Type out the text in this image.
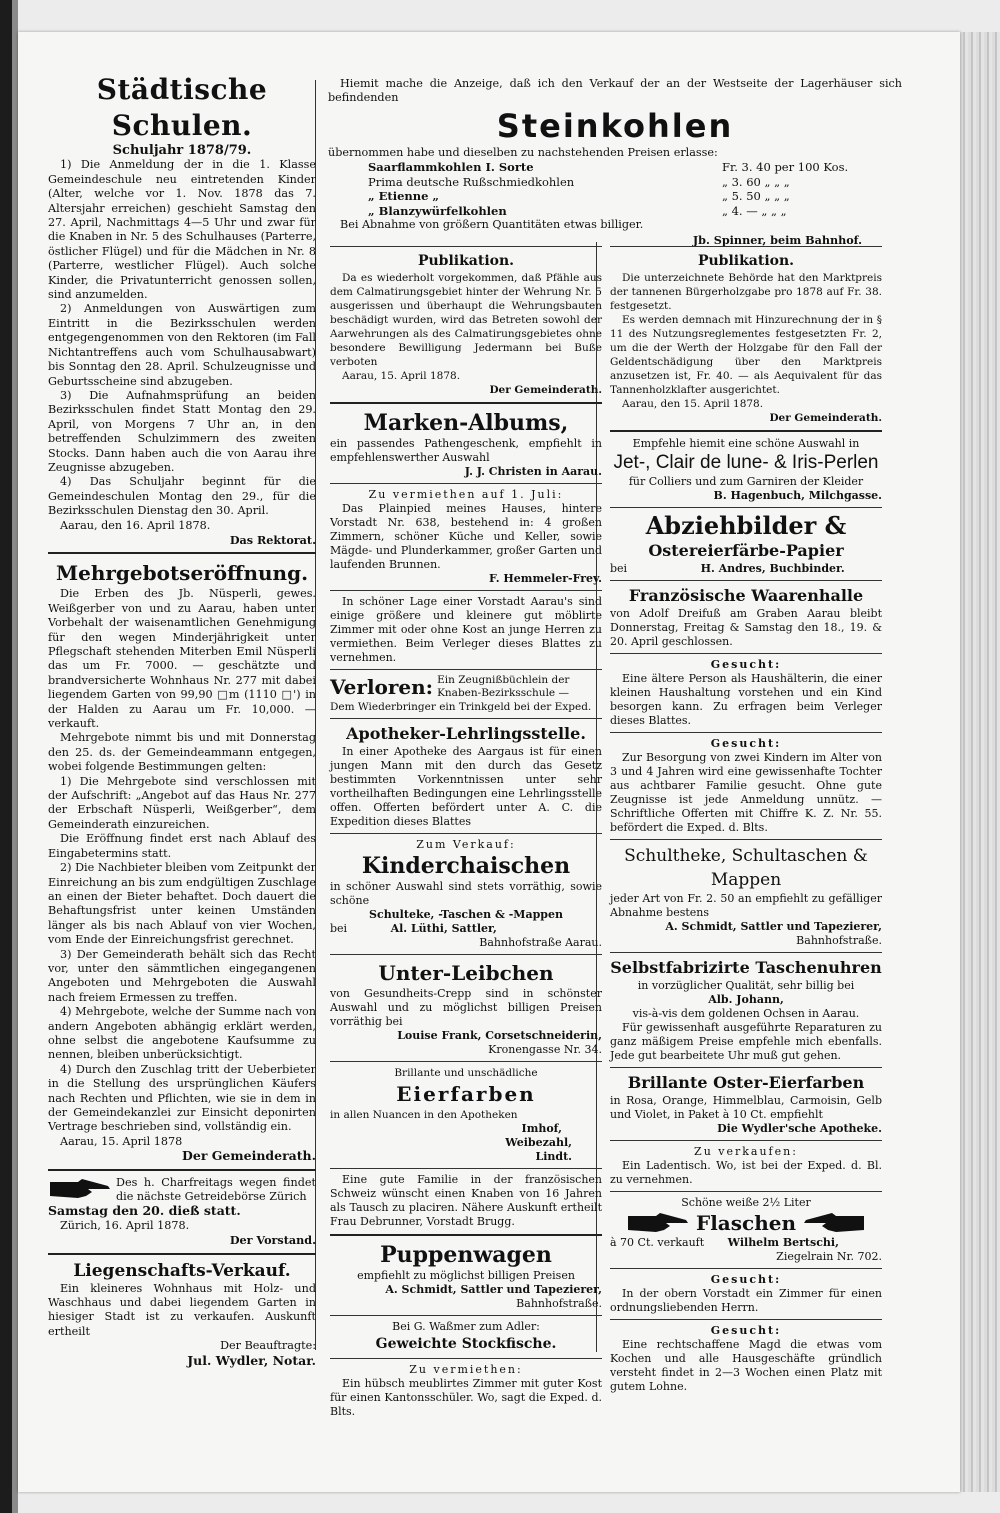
Städtische Schulen.
Schuljahr 1878/79.

1) Die Anmeldung der in die 1. Klasse Gemeindeschule neu eintretenden Kinder (Alter, welche vor 1. Nov. 1878 das 7. Altersjahr erreichen) geschieht Samstag den 27. April, Nachmittags 4—5 Uhr und zwar für die Knaben in Nr. 5 des Schulhauses (Parterre, östlicher Flügel) und für die Mädchen in Nr. 8 (Parterre, westlicher Flügel). Auch solche Kinder, die Privatunterricht genossen sollen, sind anzumelden.

2) Anmeldungen von Auswärtigen zum Eintritt in die Bezirksschulen werden entgegengenommen von den Rektoren (im Fall Nichtantreffens auch vom Schulhausabwart) bis Sonntag den 28. April. Schulzeugnisse und Geburtsscheine sind abzugeben.

3) Die Aufnahmsprüfung an beiden Bezirksschulen findet Statt Montag den 29. April, von Morgens 7 Uhr an, in den betreffenden Schulzimmern des zweiten Stocks. Dann haben auch die von Aarau ihre Zeugnisse abzugeben.

4) Das Schuljahr beginnt für die Gemeindeschulen Montag den 29., für die Bezirksschulen Dienstag den 30. April.

Aarau, den 16. April 1878.

Das Rektorat.

Mehrgebotseröffnung.

Die Erben des Jb. Nüsperli, gewes. Weißgerber von und zu Aarau, haben unter Vorbehalt der waisenamtlichen Genehmigung für den wegen Minderjährigkeit unter Pflegschaft stehenden Miterben Emil Nüsperli das um Fr. 7000. — geschätzte und brandversicherte Wohnhaus Nr. 277 mit dabei liegendem Garten von 99,90 □m (1110 □') in der Halden zu Aarau um Fr. 10,000. — verkauft.

Mehrgebote nimmt bis und mit Donnerstag den 25. ds. der Gemeindeammann entgegen, wobei folgende Bestimmungen gelten:

1) Die Mehrgebote sind verschlossen mit der Aufschrift: „Angebot auf das Haus Nr. 277 der Erbschaft Nüsperli, Weißgerber“, dem Gemeinderath einzureichen.

Die Eröffnung findet erst nach Ablauf des Eingabetermins statt.

2) Die Nachbieter bleiben vom Zeitpunkt der Einreichung an bis zum endgültigen Zuschlage an einen der Bieter behaftet. Doch dauert die Behaftungsfrist unter keinen Umständen länger als bis nach Ablauf von vier Wochen, vom Ende der Einreichungsfrist gerechnet.

3) Der Gemeinderath behält sich das Recht vor, unter den sämmtlichen eingegangenen Angeboten und Mehrgeboten die Auswahl nach freiem Ermessen zu treffen.

4) Mehrgebote, welche der Summe nach von andern Angeboten abhängig erklärt werden, ohne selbst die angebotene Kaufsumme zu nennen, bleiben unberücksichtigt.

4) Durch den Zuschlag tritt der Ueberbieter in die Stellung des ursprünglichen Käufers nach Rechten und Pflichten, wie sie in dem in der Gemeindekanzlei zur Einsicht deponirten Vertrage beschrieben sind, vollständig ein.

Aarau, 15. April 1878

Der Gemeinderath.

Des h. Charfreitags wegen findet die nächste Getreidebörse Zürich

Samstag den 20. dieß statt.

Zürich, 16. April 1878.

Der Vorstand.

Liegenschafts-Verkauf.

Ein kleineres Wohnhaus mit Holz- und Waschhaus und dabei liegendem Garten in hiesiger Stadt ist zu verkaufen. Auskunft ertheilt

Der Beauftragte:

Jul. Wydler, Notar.

Hiemit mache die Anzeige, daß ich den Verkauf der an der Westseite der Lagerhäuser sich befindenden

Steinkohlen

übernommen habe und dieselben zu nachstehenden Preisen erlasse:

Saarflammkohlen I. Sorte	Fr. 3. 40 per 100 Kos.
Prima deutsche Rußschmiedkohlen	„ 3. 60 „ „ „
„ Etienne „	„ 5. 50 „ „ „
„ Blanzywürfelkohlen	„ 4. — „ „ „

Bei Abnahme von größern Quantitäten etwas billiger.

Jb. Spinner, beim Bahnhof.

Publikation.

Da es wiederholt vorgekommen, daß Pfähle aus dem Calmatirungsgebiet hinter der Wehrung Nr. 5 ausgerissen und überhaupt die Wehrungsbauten beschädigt wurden, wird das Betreten sowohl der Aarwehrungen als des Calmatirungsgebietes ohne besondere Bewilligung Jedermann bei Buße verboten

Aarau, 15. April 1878.

Der Gemeinderath.

Marken-Albums,

ein passendes Pathengeschenk, empfiehlt in empfehlenswerther Auswahl

J. J. Christen in Aarau.

Zu vermiethen auf 1. Juli:

Das Plainpied meines Hauses, hintere Vorstadt Nr. 638, bestehend in: 4 großen Zimmern, schöner Küche und Keller, sowie Mägde- und Plunderkammer, großer Garten und laufenden Brunnen.

F. Hemmeler-Frey.

In schöner Lage einer Vorstadt Aarau's sind einige größere und kleinere gut möblirte Zimmer mit oder ohne Kost an junge Herren zu vermiethen. Beim Verleger dieses Blattes zu vernehmen.

Verloren: Ein Zeugnißbüchlein der Knaben-Bezirksschule —

Dem Wiederbringer ein Trinkgeld bei der Exped.

Apotheker-Lehrlingsstelle.

In einer Apotheke des Aargaus ist für einen jungen Mann mit den durch das Gesetz bestimmten Vorkenntnissen unter sehr vortheilhaften Bedingungen eine Lehrlingsstelle offen. Offerten befördert unter A. C. die Expedition dieses Blattes

Zum Verkauf:

Kinderchaischen

in schöner Auswahl sind stets vorräthig, sowie schöne

Schulteke, -Taschen & -Mappen

bei	Al. Lüthi, Sattler,

Bahnhofstraße Aarau.

Unter-Leibchen

von Gesundheits-Crepp sind in schönster Auswahl und zu möglichst billigen Preisen vorräthig bei

Louise Frank, Corsetschneiderin,

Kronengasse Nr. 34.

Brillante und unschädliche

Eierfarben

in allen Nuancen in den Apotheken

Imhof,

Weibezahl,

Lindt.

Eine gute Familie in der französischen Schweiz wünscht einen Knaben von 16 Jahren als Tausch zu placiren. Nähere Auskunft ertheilt Frau Debrunner, Vorstadt Brugg.

Puppenwagen

empfiehlt zu möglichst billigen Preisen

A. Schmidt, Sattler und Tapezierer,

Bahnhofstraße.

Bei G. Waßmer zum Adler:

Geweichte Stockfische.

Zu vermiethen:

Ein hübsch meublirtes Zimmer mit guter Kost für einen Kantonsschüler. Wo, sagt die Exped. d. Blts.

Publikation.

Die unterzeichnete Behörde hat den Marktpreis der tannenen Bürgerholzgabe pro 1878 auf Fr. 38. festgesetzt.

Es werden demnach mit Hinzurechnung der in § 11 des Nutzungsreglementes festgesetzten Fr. 2, um die der Werth der Holzgabe für den Fall der Geldentschädigung über den Marktpreis anzusetzen ist, Fr. 40. — als Aequivalent für das Tannenholzklafter ausgerichtet.

Aarau, den 15. April 1878.

Der Gemeinderath.

Empfehle hiemit eine schöne Auswahl in

Jet-, Clair de lune- & Iris-Perlen

für Colliers und zum Garniren der Kleider

B. Hagenbuch, Milchgasse.

Abziehbilder &
Ostereierfärbe-Papier

bei	H. Andres, Buchbinder.

Französische Waarenhalle

von Adolf Dreifuß am Graben Aarau bleibt Donnerstag, Freitag & Samstag den 18., 19. & 20. April geschlossen.

Gesucht:

Eine ältere Person als Haushälterin, die einer kleinen Haushaltung vorstehen und ein Kind besorgen kann. Zu erfragen beim Verleger dieses Blattes.

Gesucht:

Zur Besorgung von zwei Kindern im Alter von 3 und 4 Jahren wird eine gewissenhafte Tochter aus achtbarer Familie gesucht. Ohne gute Zeugnisse ist jede Anmeldung unnütz. — Schriftliche Offerten mit Chiffre K. Z. Nr. 55. befördert die Exped. d. Blts.

Schultheke, Schultaschen & Mappen

jeder Art von Fr. 2. 50 an empfiehlt zu gefälliger Abnahme bestens

A. Schmidt, Sattler und Tapezierer,

Bahnhofstraße.

Selbstfabrizirte Taschenuhren

in vorzüglicher Qualität, sehr billig bei

Alb. Johann,

vis-à-vis dem goldenen Ochsen in Aarau.

Für gewissenhaft ausgeführte Reparaturen zu ganz mäßigem Preise empfehle mich ebenfalls. Jede gut bearbeitete Uhr muß gut gehen.

Brillante Oster-Eierfarben

in Rosa, Orange, Himmelblau, Carmoisin, Gelb und Violet, in Paket à 10 Ct. empfiehlt

Die Wydler'sche Apotheke.

Zu verkaufen:

Ein Ladentisch. Wo, ist bei der Exped. d. Bl. zu vernehmen.

Schöne weiße 2½ Liter

Flaschen

à 70 Ct. verkauft Wilhelm Bertschi,

Ziegelrain Nr. 702.

Gesucht:

In der obern Vorstadt ein Zimmer für einen ordnungsliebenden Herrn.

Gesucht:

Eine rechtschaffene Magd die etwas vom Kochen und alle Hausgeschäfte gründlich versteht findet in 2—3 Wochen einen Platz mit gutem Lohne.
